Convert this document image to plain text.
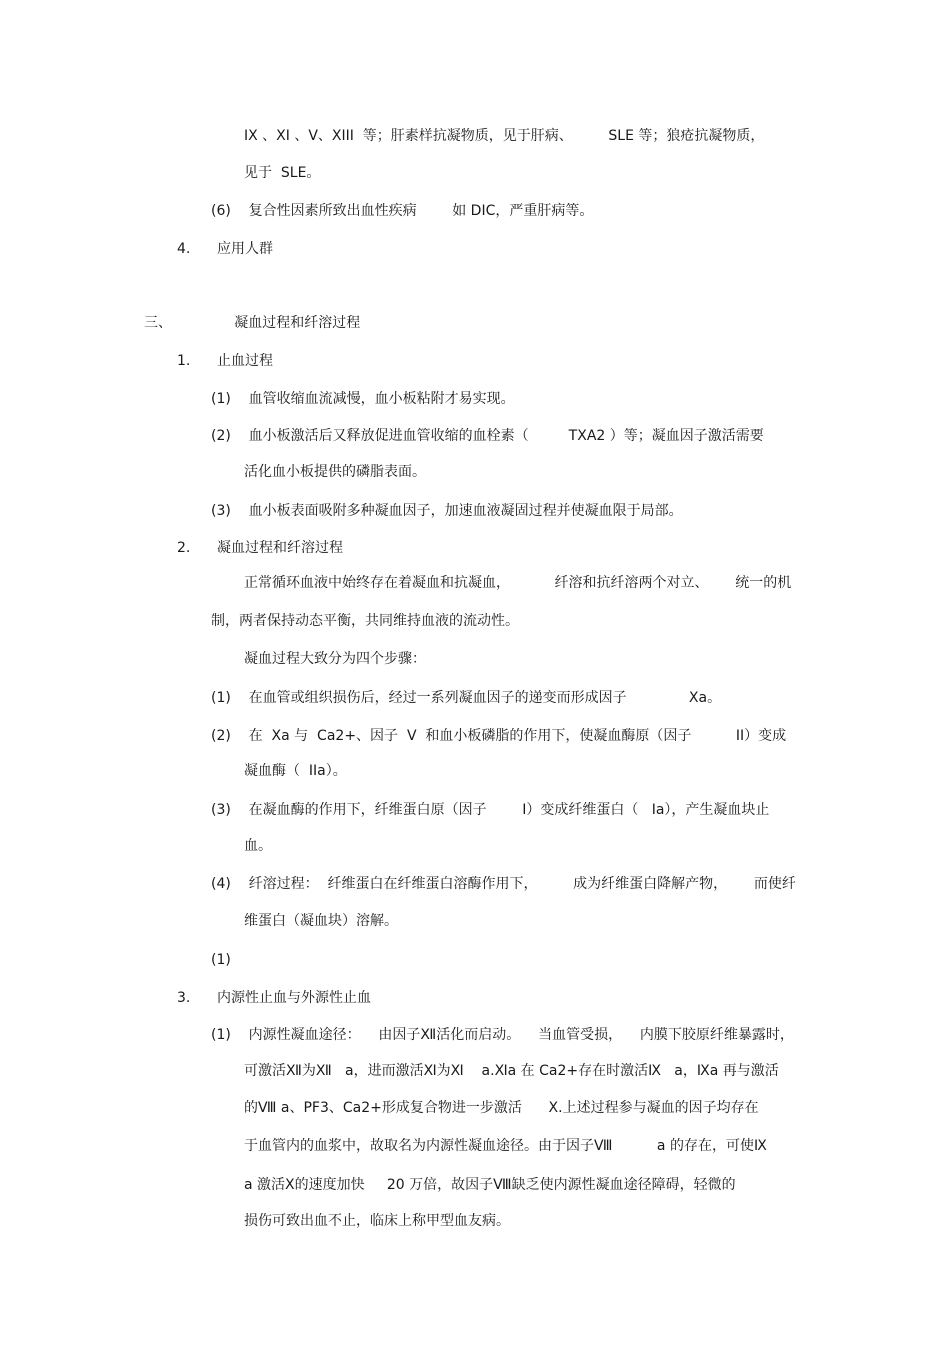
IX 、XI 、V、XIII  等；肝素样抗凝物质，见于肝病、        SLE 等；狼疮抗凝物质，
见于  SLE。
(6)    复合性因素所致出血性疾病        如 DIC，严重肝病等。
4.      应用人群
三、              凝血过程和纤溶过程
1.      止血过程
(1)    血管收缩血流减慢，血小板粘附才易实现。
(2)    血小板激活后又释放促进血管收缩的血栓素（         TXA2 ）等；凝血因子激活需要
活化血小板提供的磷脂表面。
(3)    血小板表面吸附多种凝血因子，加速血液凝固过程并使凝血限于局部。
2.      凝血过程和纤溶过程
正常循环血液中始终存在着凝血和抗凝血，          纤溶和抗纤溶两个对立、      统一的机
制，两者保持动态平衡，共同维持血液的流动性。
凝血过程大致分为四个步骤：
(1)    在血管或组织损伤后，经过一系列凝血因子的递变而形成因子              Xa。
(2)    在  Xa 与  Ca2+、因子  V  和血小板磷脂的作用下，使凝血酶原（因子          II）变成
凝血酶（  IIa）。
(3)    在凝血酶的作用下，纤维蛋白原（因子        I）变成纤维蛋白（   Ia），产生凝血块止
血。
(4)    纤溶过程：  纤维蛋白在纤维蛋白溶酶作用下，        成为纤维蛋白降解产物，      而使纤
维蛋白（凝血块）溶解。
(1)
3.      内源性止血与外源性止血
(1)    内源性凝血途径：    由因子Ⅻ活化而启动。    当血管受损，    内膜下胶原纤维暴露时，
可激活Ⅻ为Ⅻ   a，进而激活Ⅺ为Ⅺ    a.Ⅺa 在 Ca2+存在时激活Ⅸ   a，Ⅸa 再与激活
的Ⅷ a、PF3、Ca2+形成复合物进一步激活      X.上述过程参与凝血的因子均存在
于血管内的血浆中，故取名为内源性凝血途径。由于因子Ⅷ          a 的存在，可使Ⅸ
a 激活Ⅹ的速度加快     20 万倍，故因子Ⅷ缺乏使内源性凝血途径障碍，轻微的
损伤可致出血不止，临床上称甲型血友病。
